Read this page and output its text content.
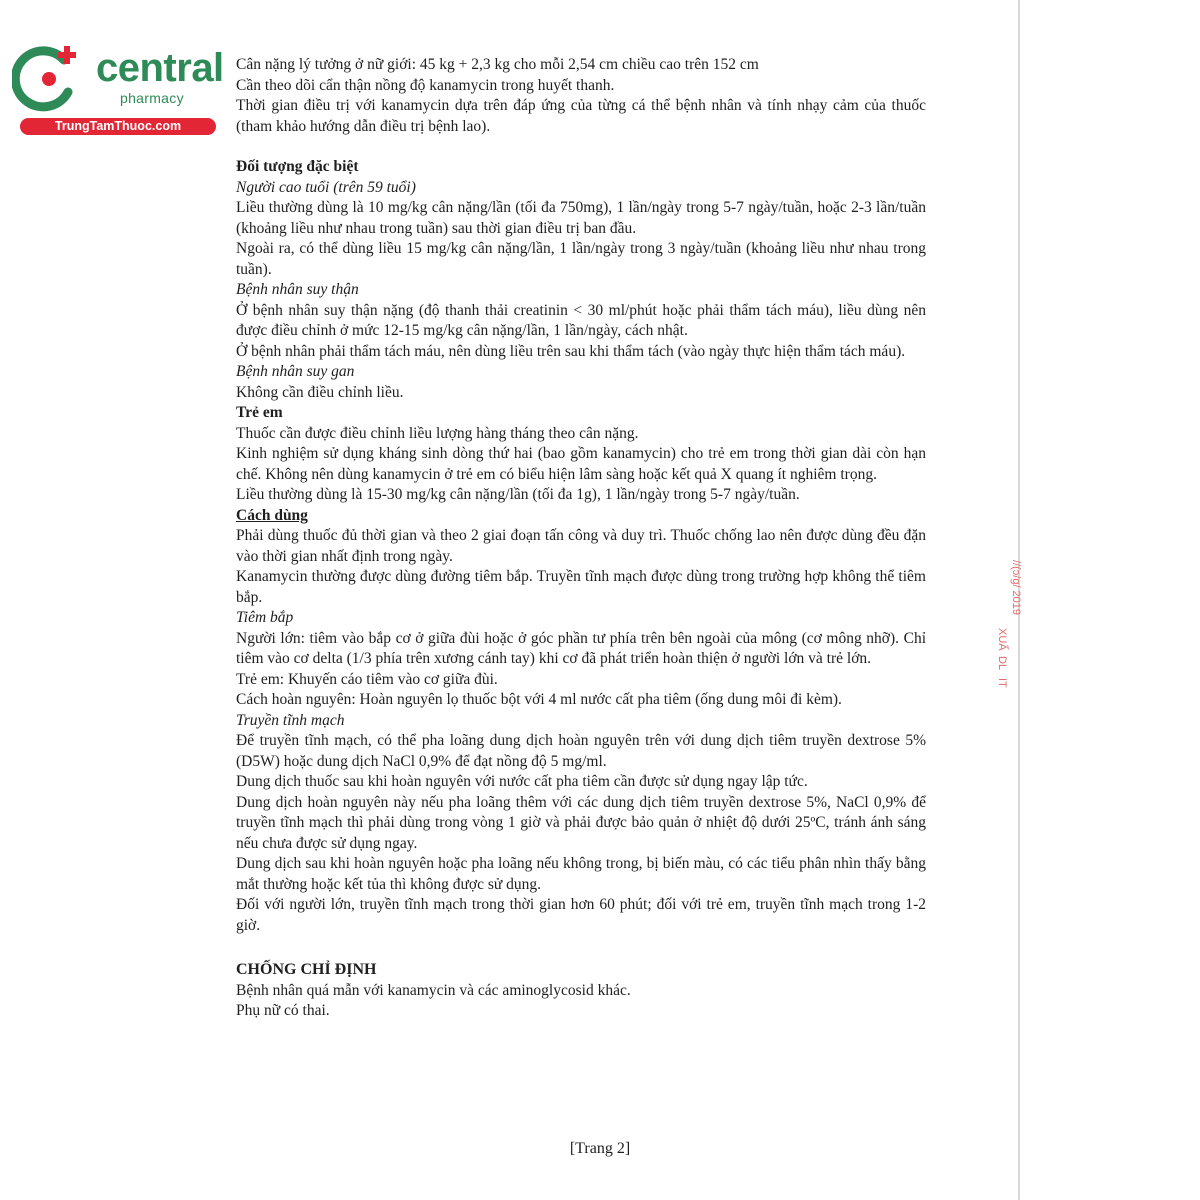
central
pharmacy
TrungTamThuoc.com
//(ɔ/ɡ/ 2019
XUẤ
DL
IT

Cân nặng lý tưởng ở nữ giới: 45 kg + 2,3 kg cho mỗi 2,54 cm chiều cao trên 152 cm

Cần theo dõi cẩn thận nồng độ kanamycin trong huyết thanh.

Thời gian điều trị với kanamycin dựa trên đáp ứng của từng cá thể bệnh nhân và tính nhạy cảm của thuốc (tham khảo hướng dẫn điều trị bệnh lao).

Đối tượng đặc biệt

Người cao tuổi (trên 59 tuổi)

Liều thường dùng là 10 mg/kg cân nặng/lần (tối đa 750mg), 1 lần/ngày trong 5-7 ngày/tuần, hoặc 2-3 lần/tuần (khoảng liều như nhau trong tuần) sau thời gian điều trị ban đầu.

Ngoài ra, có thể dùng liều 15 mg/kg cân nặng/lần, 1 lần/ngày trong 3 ngày/tuần (khoảng liều như nhau trong tuần).

Bệnh nhân suy thận

Ở bệnh nhân suy thận nặng (độ thanh thải creatinin < 30 ml/phút hoặc phải thẩm tách máu), liều dùng nên được điều chỉnh ở mức 12-15 mg/kg cân nặng/lần, 1 lần/ngày, cách nhật.

Ở bệnh nhân phải thẩm tách máu, nên dùng liều trên sau khi thẩm tách (vào ngày thực hiện thẩm tách máu).

Bệnh nhân suy gan

Không cần điều chỉnh liều.

Trẻ em

Thuốc cần được điều chỉnh liều lượng hàng tháng theo cân nặng.

Kinh nghiệm sử dụng kháng sinh dòng thứ hai (bao gồm kanamycin) cho trẻ em trong thời gian dài còn hạn chế. Không nên dùng kanamycin ở trẻ em có biểu hiện lâm sàng hoặc kết quả X quang ít nghiêm trọng.

Liều thường dùng là 15-30 mg/kg cân nặng/lần (tối đa 1g), 1 lần/ngày trong 5-7 ngày/tuần.

Cách dùng

Phải dùng thuốc đủ thời gian và theo 2 giai đoạn tấn công và duy trì. Thuốc chống lao nên được dùng đều đặn vào thời gian nhất định trong ngày.

Kanamycin thường được dùng đường tiêm bắp. Truyền tĩnh mạch được dùng trong trường hợp không thể tiêm bắp.

Tiêm bắp

Người lớn: tiêm vào bắp cơ ở giữa đùi hoặc ở góc phần tư phía trên bên ngoài của mông (cơ mông nhỡ). Chỉ tiêm vào cơ delta (1/3 phía trên xương cánh tay) khi cơ đã phát triển hoàn thiện ở người lớn và trẻ lớn.

Trẻ em: Khuyến cáo tiêm vào cơ giữa đùi.

Cách hoàn nguyên: Hoàn nguyên lọ thuốc bột với 4 ml nước cất pha tiêm (ống dung môi đi kèm).

Truyền tĩnh mạch

Để truyền tĩnh mạch, có thể pha loãng dung dịch hoàn nguyên trên với dung dịch tiêm truyền dextrose 5% (D5W) hoặc dung dịch NaCl 0,9% để đạt nồng độ 5 mg/ml.

Dung dịch thuốc sau khi hoàn nguyên với nước cất pha tiêm cần được sử dụng ngay lập tức.

Dung dịch hoàn nguyên này nếu pha loãng thêm với các dung dịch tiêm truyền dextrose 5%, NaCl 0,9% để truyền tĩnh mạch thì phải dùng trong vòng 1 giờ và phải được bảo quản ở nhiệt độ dưới 25ºC, tránh ánh sáng nếu chưa được sử dụng ngay.

Dung dịch sau khi hoàn nguyên hoặc pha loãng nếu không trong, bị biến màu, có các tiểu phân nhìn thấy bằng mắt thường hoặc kết tủa thì không được sử dụng.

Đối với người lớn, truyền tĩnh mạch trong thời gian hơn 60 phút; đối với trẻ em, truyền tĩnh mạch trong 1-2 giờ.

CHỐNG CHỈ ĐỊNH

Bệnh nhân quá mẫn với kanamycin và các aminoglycosid khác.

Phụ nữ có thai.

[Trang 2]
